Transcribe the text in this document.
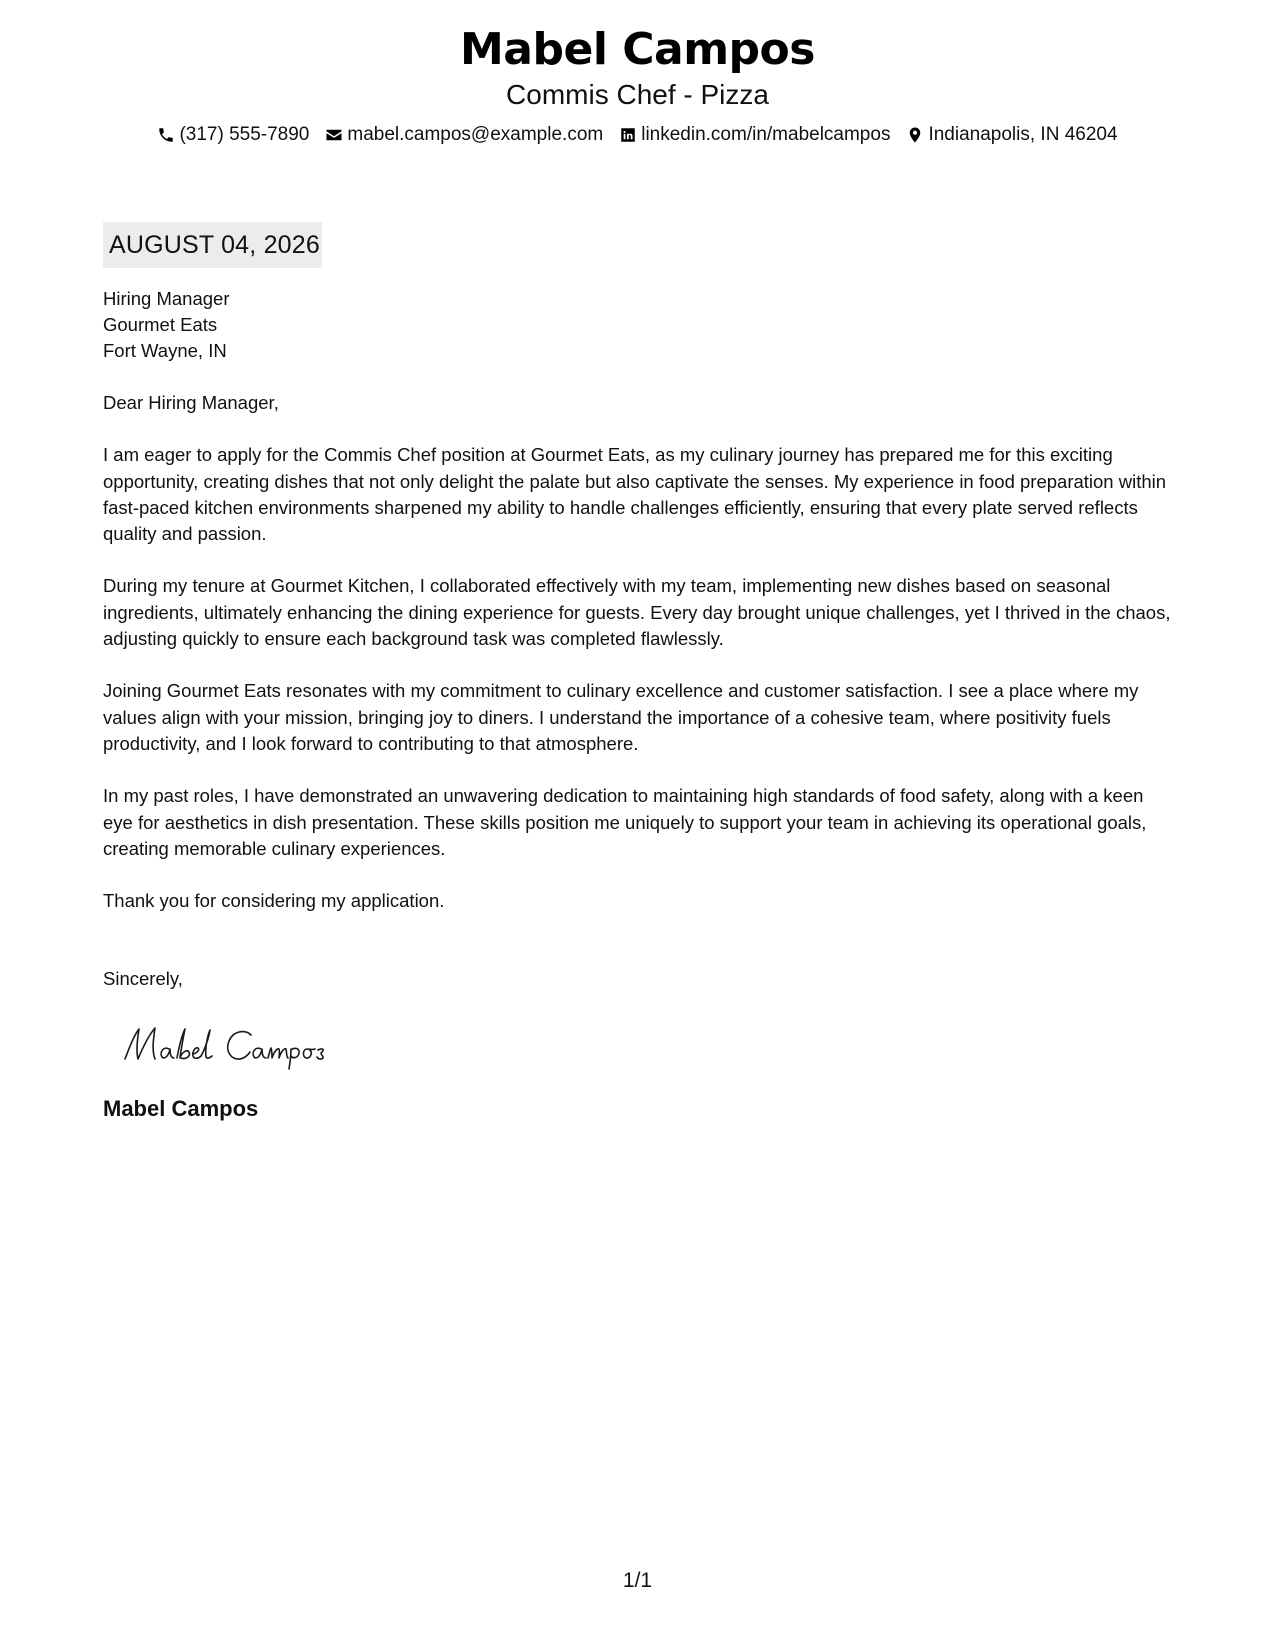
Mabel Campos
Commis Chef - Pizza
(317) 555-7890 mabel.campos@example.com linkedin.com/in/mabelcampos Indianapolis, IN 46204
AUGUST 04, 2026
Hiring Manager
Gourmet Eats
Fort Wayne, IN

Dear Hiring Manager,

I am eager to apply for the Commis Chef position at Gourmet Eats, as my culinary journey has prepared me for this exciting opportunity, creating dishes that not only delight the palate but also captivate the senses. My experience in food preparation within fast-paced kitchen environments sharpened my ability to handle challenges efficiently, ensuring that every plate served reflects quality and passion.

During my tenure at Gourmet Kitchen, I collaborated effectively with my team, implementing new dishes based on seasonal ingredients, ultimately enhancing the dining experience for guests. Every day brought unique challenges, yet I thrived in the chaos, adjusting quickly to ensure each background task was completed flawlessly.

Joining Gourmet Eats resonates with my commitment to culinary excellence and customer satisfaction. I see a place where my values align with your mission, bringing joy to diners. I understand the importance of a cohesive team, where positivity fuels productivity, and I look forward to contributing to that atmosphere.

In my past roles, I have demonstrated an unwavering dedication to maintaining high standards of food safety, along with a keen eye for aesthetics in dish presentation. These skills position me uniquely to support your team in achieving its operational goals, creating memorable culinary experiences.

Thank you for considering my application.

Sincerely,

Mabel Campos
1/1
